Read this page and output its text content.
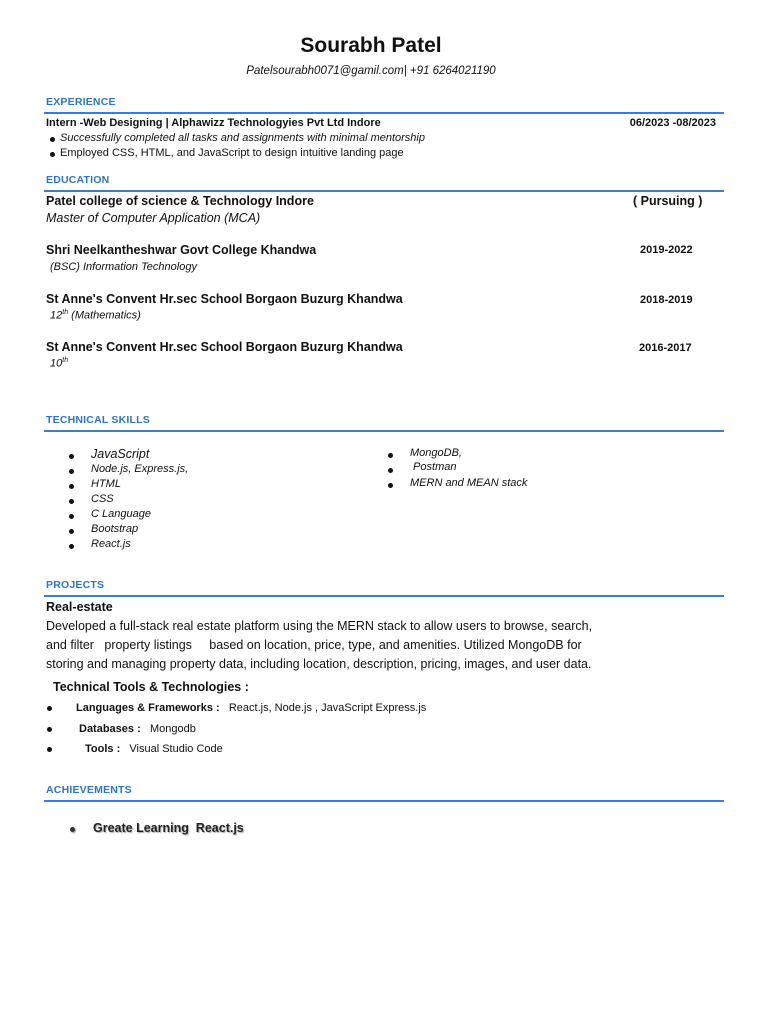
Sourabh Patel
Patelsourabh0071@gamil.com| +91 6264021190
EXPERIENCE
Intern -Web Designing | Alphawizz Technologyies Pvt Ltd Indore	06/2023 -08/2023
Successfully completed all tasks and assignments with minimal mentorship
Employed CSS, HTML, and JavaScript to design intuitive landing page
EDUCATION
Patel college of science & Technology Indore	( Pursuing )
Master of Computer Application (MCA)
Shri Neelkantheshwar Govt College Khandwa	2019-2022
(BSC) Information Technology
St Anne's Convent Hr.sec School Borgaon Buzurg Khandwa	2018-2019
12th (Mathematics)
St Anne's Convent Hr.sec School Borgaon Buzurg Khandwa	2016-2017
10th
TECHNICAL SKILLS
JavaScript
Node.js, Express.js,
HTML
CSS
C Language
Bootstrap
React.js
MongoDB,
Postman
MERN and MEAN stack
PROJECTS
Real-estate
Developed a full-stack real estate platform using the MERN stack to allow users to browse, search,
and filter   property listings     based on location, price, type, and amenities. Utilized MongoDB for
storing and managing property data, including location, description, pricing, images, and user data.
Technical Tools & Technologies :
Languages & Frameworks : React.js, Node.js , JavaScript Express.js
Databases : Mongodb
Tools : Visual Studio Code
ACHIEVEMENTS
Greate Learning  React.js
